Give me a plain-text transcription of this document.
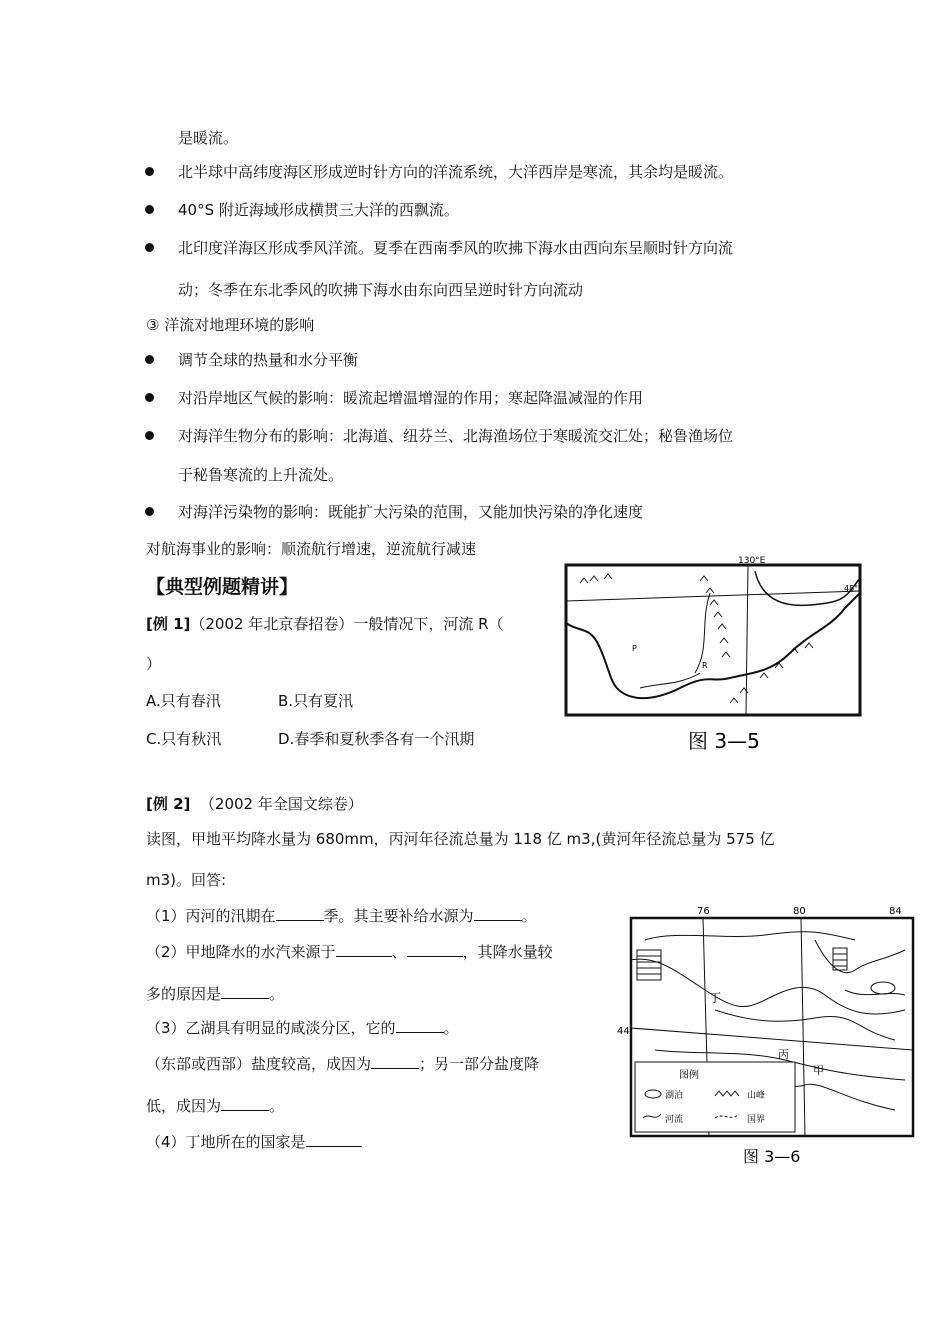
是暖流。
北半球中高纬度海区形成逆时针方向的洋流系统，大洋西岸是寒流，其余均是暖流。
40°S 附近海域形成横贯三大洋的西飘流。
北印度洋海区形成季风洋流。夏季在西南季风的吹拂下海水由西向东呈顺时针方向流
动；冬季在东北季风的吹拂下海水由东向西呈逆时针方向流动
③ 洋流对地理环境的影响
调节全球的热量和水分平衡
对沿岸地区气候的影响：暖流起增温增湿的作用；寒起降温减湿的作用
对海洋生物分布的影响：北海道、纽芬兰、北海渔场位于寒暖流交汇处；秘鲁渔场位
于秘鲁寒流的上升流处。
对海洋污染物的影响：既能扩大污染的范围，又能加快污染的净化速度
对航海事业的影响：顺流航行增速，逆流航行减速
【典型例题精讲】
[例 1]（2002 年北京春招卷）一般情况下，河流 R（
）
A.只有春汛	B.只有夏汛
C.只有秋汛	D.春季和夏秋季各有一个汛期
130°E
48°
P
R
图 3—5
[例 2] （2002 年全国文综卷）
读图，甲地平均降水量为 680mm，丙河年径流总量为 118 亿 m3,(黄河年径流总量为 575 亿
m3)。回答:
（1）丙河的汛期在	季。其主要补给水源为	。
（2）甲地降水的水汽来源于	、	，其降水量较
多的原因是	。
（3）乙湖具有明显的咸淡分区，它的	。
（东部或西部）盐度较高，成因为	；另一部分盐度降
低，成因为	。
（4）丁地所在的国家是
76	80	84
44
丁
丙
甲
图例
湖泊	山峰
河流	国界
图 3—6
